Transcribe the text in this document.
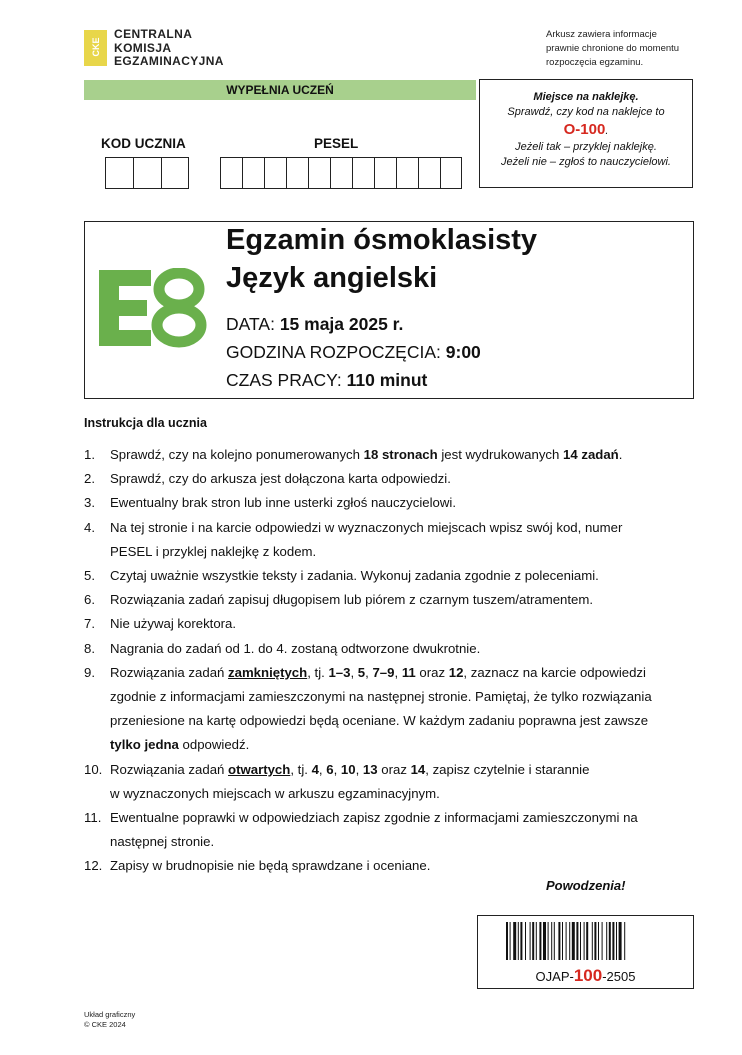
CKE
CENTRALNA
KOMISJA
EGZAMINACYJNA
Arkusz zawiera informacje
prawnie chronione do momentu
rozpoczęcia egzaminu.
WYPEŁNIA UCZEŃ
KOD UCZNIA	PESEL
Miejsce na naklejkę.
Sprawdź, czy kod na naklejce to
O-100.
Jeżeli tak – przyklej naklejkę.
Jeżeli nie – zgłoś to nauczycielowi.
Egzamin ósmoklasisty
Język angielski
DATA: 15 maja 2025 r.
GODZINA ROZPOCZĘCIA: 9:00
CZAS PRACY: 110 minut
Instrukcja dla ucznia
1. Sprawdź, czy na kolejno ponumerowanych 18 stronach jest wydrukowanych 14 zadań.
2. Sprawdź, czy do arkusza jest dołączona karta odpowiedzi.
3. Ewentualny brak stron lub inne usterki zgłoś nauczycielowi.
4. Na tej stronie i na karcie odpowiedzi w wyznaczonych miejscach wpisz swój kod, numer
PESEL i przyklej naklejkę z kodem.
5. Czytaj uważnie wszystkie teksty i zadania. Wykonuj zadania zgodnie z poleceniami.
6. Rozwiązania zadań zapisuj długopisem lub piórem z czarnym tuszem/atramentem.
7. Nie używaj korektora.
8. Nagrania do zadań od 1. do 4. zostaną odtworzone dwukrotnie.
9. Rozwiązania zadań zamkniętych, tj. 1–3, 5, 7–9, 11 oraz 12, zaznacz na karcie odpowiedzi
zgodnie z informacjami zamieszczonymi na następnej stronie. Pamiętaj, że tylko rozwiązania
przeniesione na kartę odpowiedzi będą oceniane. W każdym zadaniu poprawna jest zawsze
tylko jedna odpowiedź.
10. Rozwiązania zadań otwartych, tj. 4, 6, 10, 13 oraz 14, zapisz czytelnie i starannie
w wyznaczonych miejscach w arkuszu egzaminacyjnym.
11. Ewentualne poprawki w odpowiedziach zapisz zgodnie z informacjami zamieszczonymi na
następnej stronie.
12. Zapisy w brudnopisie nie będą sprawdzane i oceniane.
Powodzenia!
OJAP-100-2505
Układ graficzny
© CKE 2024
